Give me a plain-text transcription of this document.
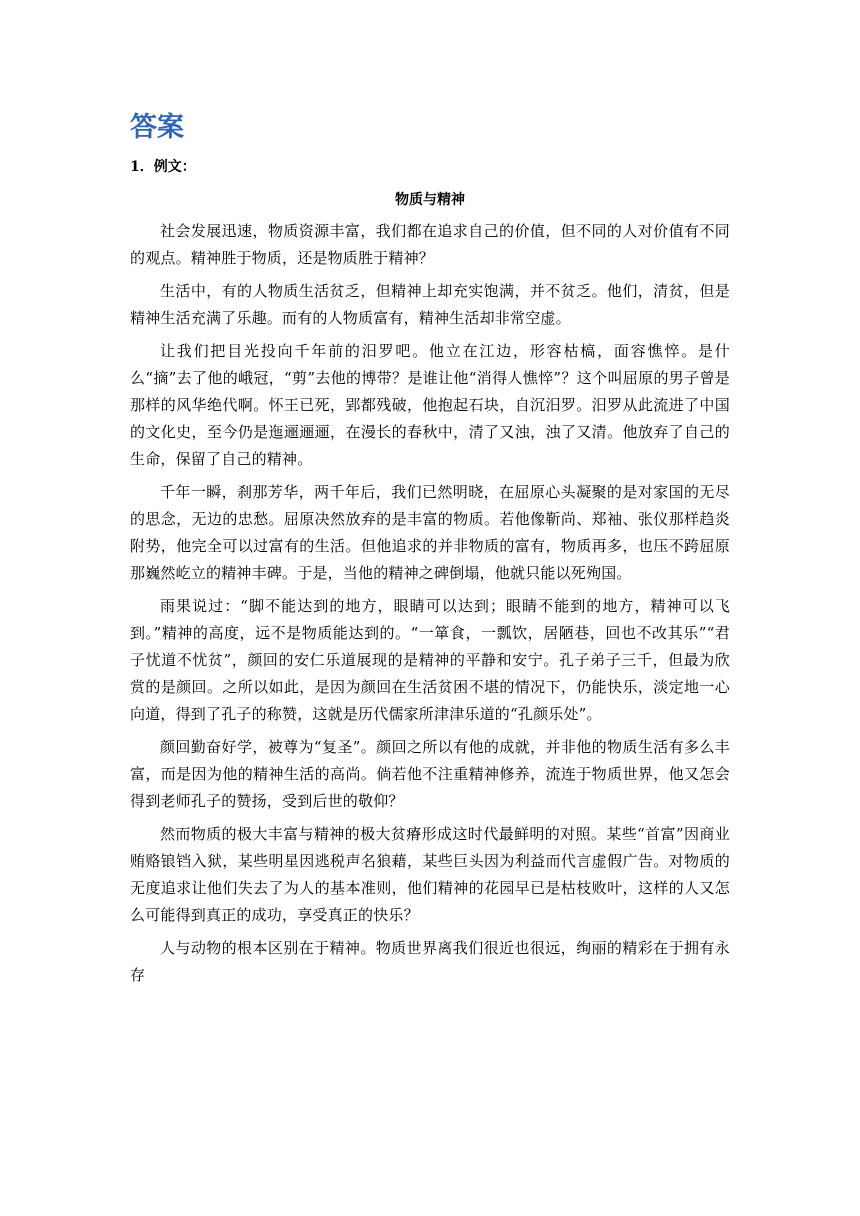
答案
1．例文：
物质与精神

社会发展迅速，物质资源丰富，我们都在追求自己的价值，但不同的人对价值有不同的观点。精神胜于物质，还是物质胜于精神？

生活中，有的人物质生活贫乏，但精神上却充实饱满，并不贫乏。他们，清贫，但是精神生活充满了乐趣。而有的人物质富有，精神生活却非常空虚。

让我们把目光投向千年前的汨罗吧。他立在江边，形容枯槁，面容憔悴。是什么“摘”去了他的峨冠，“剪”去他的博带？是谁让他“消得人憔悴”？这个叫屈原的男子曾是那样的风华绝代啊。怀王已死，郢都残破，他抱起石块，自沉汨罗。汨罗从此流进了中国的文化史，至今仍是迤逦逦逦，在漫长的春秋中，清了又浊，浊了又清。他放弃了自己的生命，保留了自己的精神。

千年一瞬，刹那芳华，两千年后，我们已然明晓，在屈原心头凝聚的是对家国的无尽的思念，无边的忠愁。屈原决然放弃的是丰富的物质。若他像靳尚、郑袖、张仪那样趋炎附势，他完全可以过富有的生活。但他追求的并非物质的富有，物质再多，也压不跨屈原那巍然屹立的精神丰碑。于是，当他的精神之碑倒塌，他就只能以死殉国。

雨果说过：“脚不能达到的地方，眼睛可以达到；眼睛不能到的地方，精神可以飞到。”精神的高度，远不是物质能达到的。“一箪食，一瓢饮，居陋巷，回也不改其乐”“君子忧道不忧贫”，颜回的安仁乐道展现的是精神的平静和安宁。孔子弟子三千，但最为欣赏的是颜回。之所以如此，是因为颜回在生活贫困不堪的情况下，仍能快乐，淡定地一心向道，得到了孔子的称赞，这就是历代儒家所津津乐道的“孔颜乐处”。

颜回勤奋好学，被尊为“复圣”。颜回之所以有他的成就，并非他的物质生活有多么丰富，而是因为他的精神生活的高尚。倘若他不注重精神修养，流连于物质世界，他又怎会得到老师孔子的赞扬，受到后世的敬仰？

然而物质的极大丰富与精神的极大贫瘠形成这时代最鲜明的对照。某些“首富”因商业贿赂锒铛入狱，某些明星因逃税声名狼藉，某些巨头因为利益而代言虚假广告。对物质的无度追求让他们失去了为人的基本准则，他们精神的花园早已是枯枝败叶，这样的人又怎么可能得到真正的成功，享受真正的快乐？

人与动物的根本区别在于精神。物质世界离我们很近也很远，绚丽的精彩在于拥有永存
